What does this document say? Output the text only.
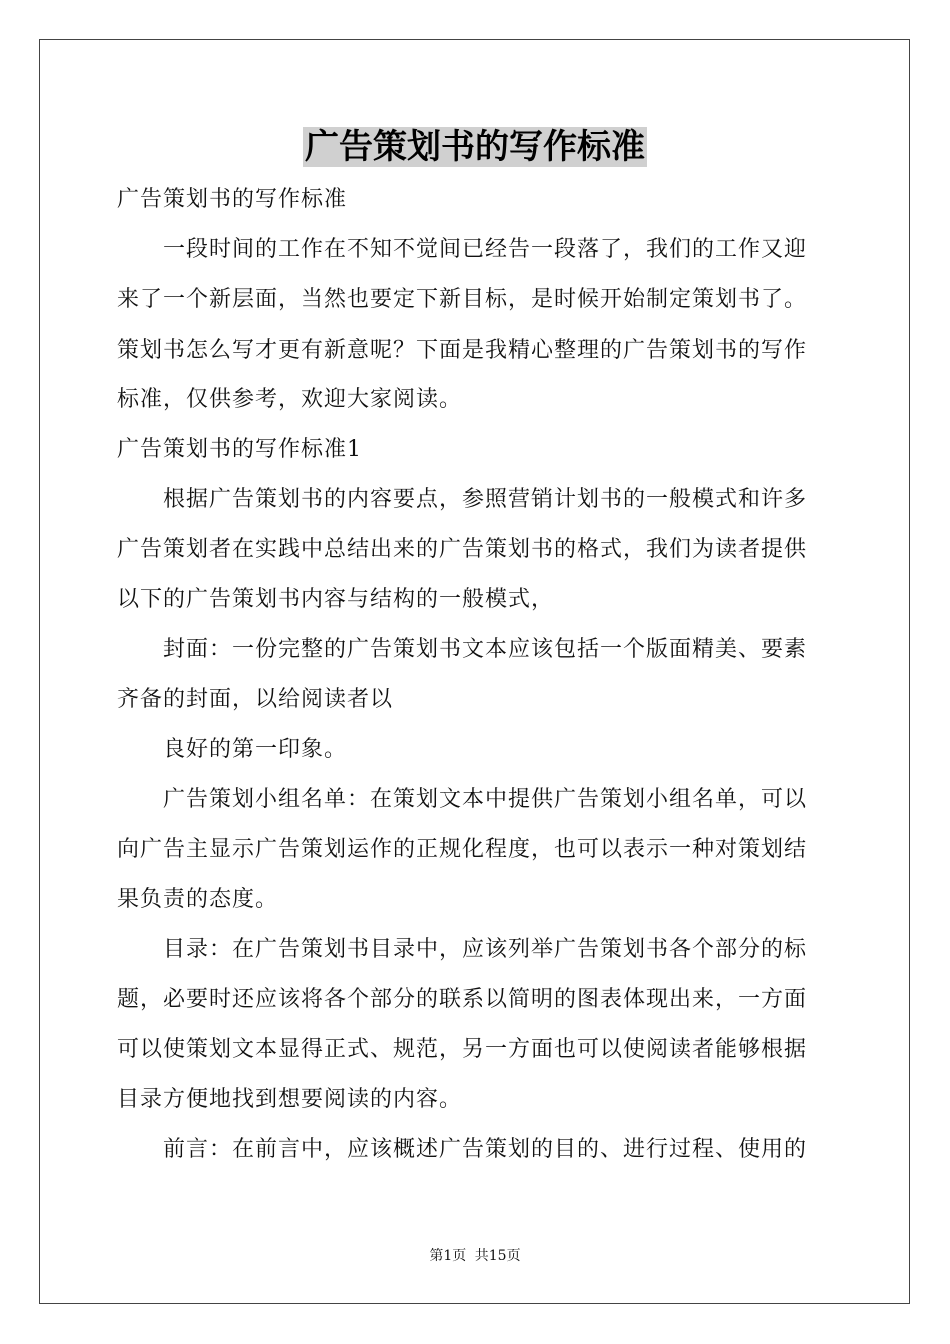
广告策划书的写作标准
广告策划书的写作标准
一段时间的工作在不知不觉间已经告一段落了，我们的工作又迎
来了一个新层面，当然也要定下新目标，是时候开始制定策划书了。
策划书怎么写才更有新意呢？下面是我精心整理的广告策划书的写作
标准，仅供参考，欢迎大家阅读。
广告策划书的写作标准1
根据广告策划书的内容要点，参照营销计划书的一般模式和许多
广告策划者在实践中总结出来的广告策划书的格式，我们为读者提供
以下的广告策划书内容与结构的一般模式，
封面：一份完整的广告策划书文本应该包括一个版面精美、要素
齐备的封面，以给阅读者以
良好的第一印象。
广告策划小组名单：在策划文本中提供广告策划小组名单，可以
向广告主显示广告策划运作的正规化程度，也可以表示一种对策划结
果负责的态度。
目录：在广告策划书目录中，应该列举广告策划书各个部分的标
题，必要时还应该将各个部分的联系以简明的图表体现出来，一方面
可以使策划文本显得正式、规范，另一方面也可以使阅读者能够根据
目录方便地找到想要阅读的内容。
前言：在前言中，应该概述广告策划的目的、进行过程、使用的
第1页 共15页
